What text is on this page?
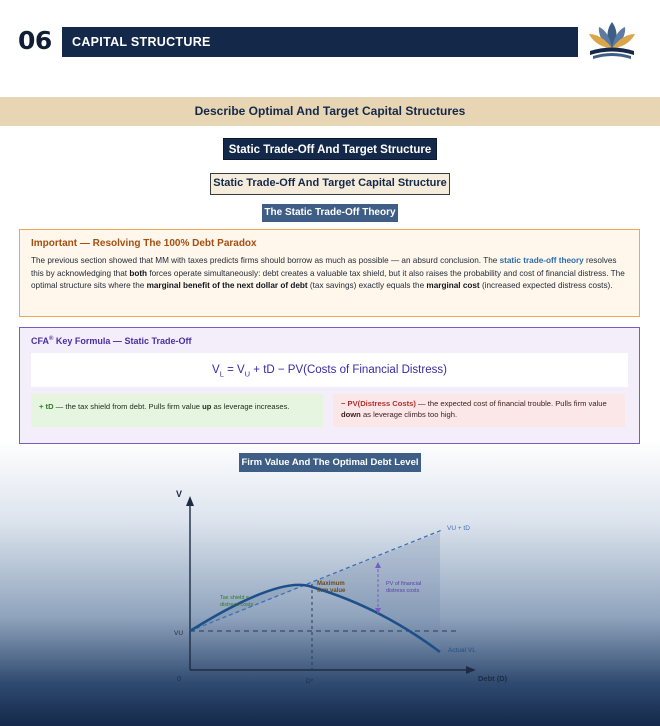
06	CAPITAL STRUCTURE
Describe Optimal And Target Capital Structures
Static Trade-Off And Target Structure
Static Trade-Off And Target Capital Structure
The Static Trade-Off Theory
Important — Resolving The 100% Debt Paradox
The previous section showed that MM with taxes predicts firms should borrow as much as possible — an absurd conclusion. The static trade-off theory resolves this by acknowledging that both forces operate simultaneously: debt creates a valuable tax shield, but it also raises the probability and cost of financial distress. The optimal structure sits where the marginal benefit of the next dollar of debt (tax savings) exactly equals the marginal cost (increased expected distress costs).
CFA® Key Formula — Static Trade-Off
$V_L = V_U$ + tD − PV(Costs of Financial Distress)
+ tD — the tax shield from debt. Pulls firm value up as leverage increases.	− PV(Distress Costs) — the expected cost of financial trouble. Pulls firm value down as leverage climbs too high.
Firm Value And The Optimal Debt Level
V
0	D*	Debt (D)
VU
VU + tD
Actual VL
Tax shield =
distress costs
Maximum
firm value
PV of financial
distress costs
